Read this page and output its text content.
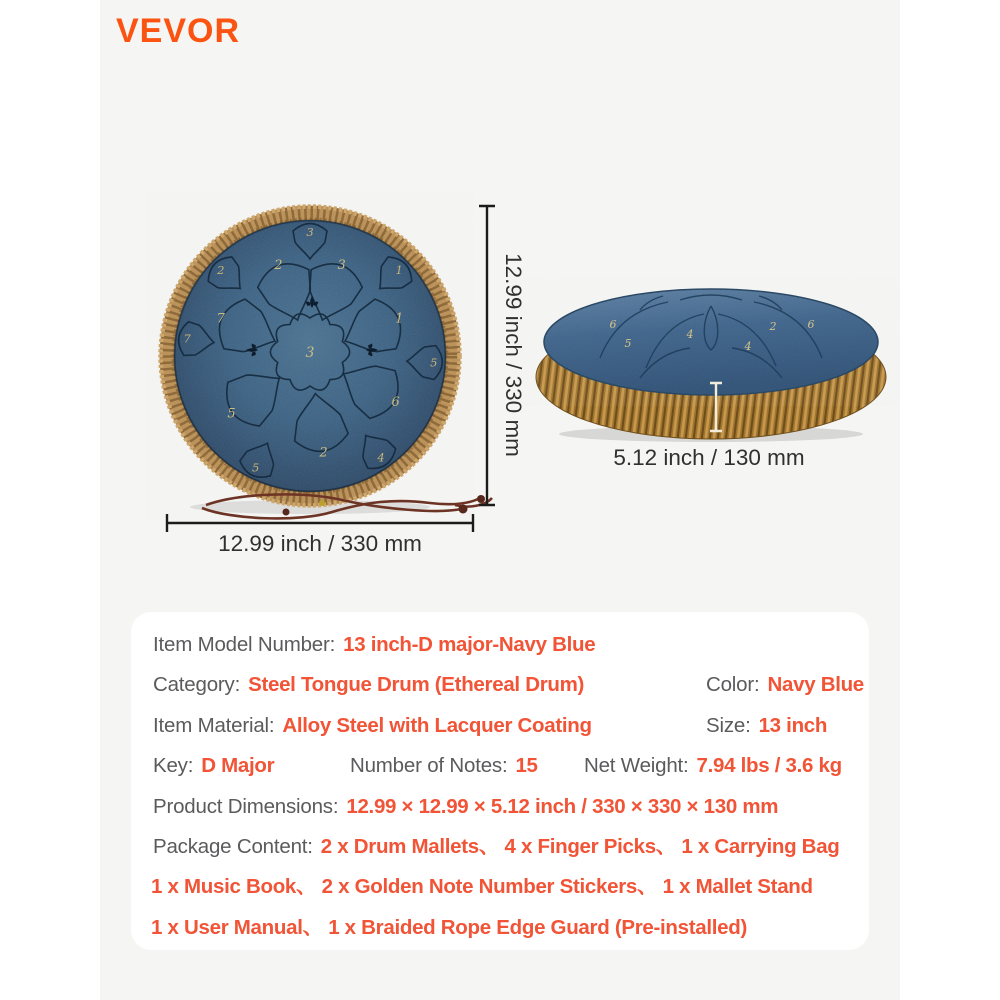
VEVOR
2	3
1
6
2
5
7
3
1
5
4
5
7
2
3
6
5
4
4
2	6
12.99 inch / 330 mm
12.99 inch / 330 mm
5.12 inch / 130 mm
Item Model Number: 13 inch-D major-Navy Blue
Category: Steel Tongue Drum (Ethereal Drum)	Color: Navy Blue
Item Material: Alloy Steel with Lacquer Coating	Size: 13 inch
Key: D Major	Number of Notes: 15 Net Weight: 7.94 lbs / 3.6 kg
Product Dimensions: 12.99 × 12.99 × 5.12 inch / 330 × 330 × 130 mm
Package Content: 2 x Drum Mallets、 4 x Finger Picks、 1 x Carrying Bag
1 x Music Book、 2 x Golden Note Number Stickers、 1 x Mallet Stand
1 x User Manual、 1 x Braided Rope Edge Guard (Pre-installed)
